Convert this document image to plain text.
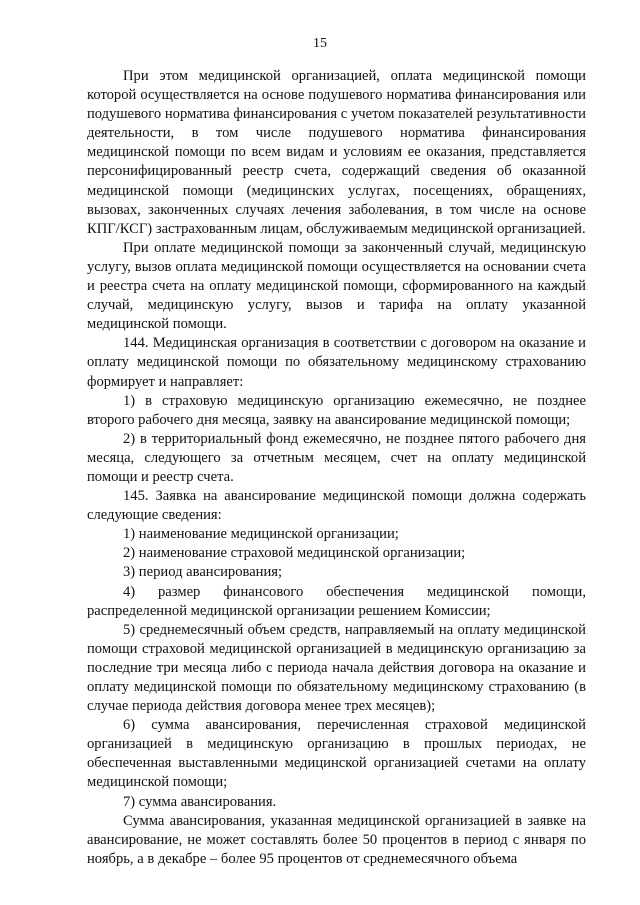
15

При этом медицинской организацией, оплата медицинской помощи которой осуществляется на основе подушевого норматива финансирования или подушевого норматива финансирования с учетом показателей результативности деятельности, в том числе подушевого норматива финансирования медицинской помощи по всем видам и условиям ее оказания, представляется персонифицированный реестр счета, содержащий сведения об оказанной медицинской помощи (медицинских услугах, посещениях, обращениях, вызовах, законченных случаях лечения заболевания, в том числе на основе КПГ/КСГ) застрахованным лицам, обслуживаемым медицинской организацией.

При оплате медицинской помощи за законченный случай, медицинскую услугу, вызов оплата медицинской помощи осуществляется на основании счета и реестра счета на оплату медицинской помощи, сформированного на каждый случай, медицинскую услугу, вызов и тарифа на оплату указанной медицинской помощи.

144. Медицинская организация в соответствии с договором на оказание и оплату медицинской помощи по обязательному медицинскому страхованию формирует и направляет:

1) в страховую медицинскую организацию ежемесячно, не позднее второго рабочего дня месяца, заявку на авансирование медицинской помощи;

2) в территориальный фонд ежемесячно, не позднее пятого рабочего дня месяца, следующего за отчетным месяцем, счет на оплату медицинской помощи и реестр счета.

145. Заявка на авансирование медицинской помощи должна содержать следующие сведения:

1) наименование медицинской организации;

2) наименование страховой медицинской организации;

3) период авансирования;

4) размер финансового обеспечения медицинской помощи, распределенной медицинской организации решением Комиссии;

5) среднемесячный объем средств, направляемый на оплату медицинской помощи страховой медицинской организацией в медицинскую организацию за последние три месяца либо с периода начала действия договора на оказание и оплату медицинской помощи по обязательному медицинскому страхованию (в случае периода действия договора менее трех месяцев);

6) сумма авансирования, перечисленная страховой медицинской организацией в медицинскую организацию в прошлых периодах, не обеспеченная выставленными медицинской организацией счетами на оплату медицинской помощи;

7) сумма авансирования.

Сумма авансирования, указанная медицинской организацией в заявке на авансирование, не может составлять более 50 процентов в период с января по ноябрь, а в декабре – более 95 процентов от среднемесячного объема
